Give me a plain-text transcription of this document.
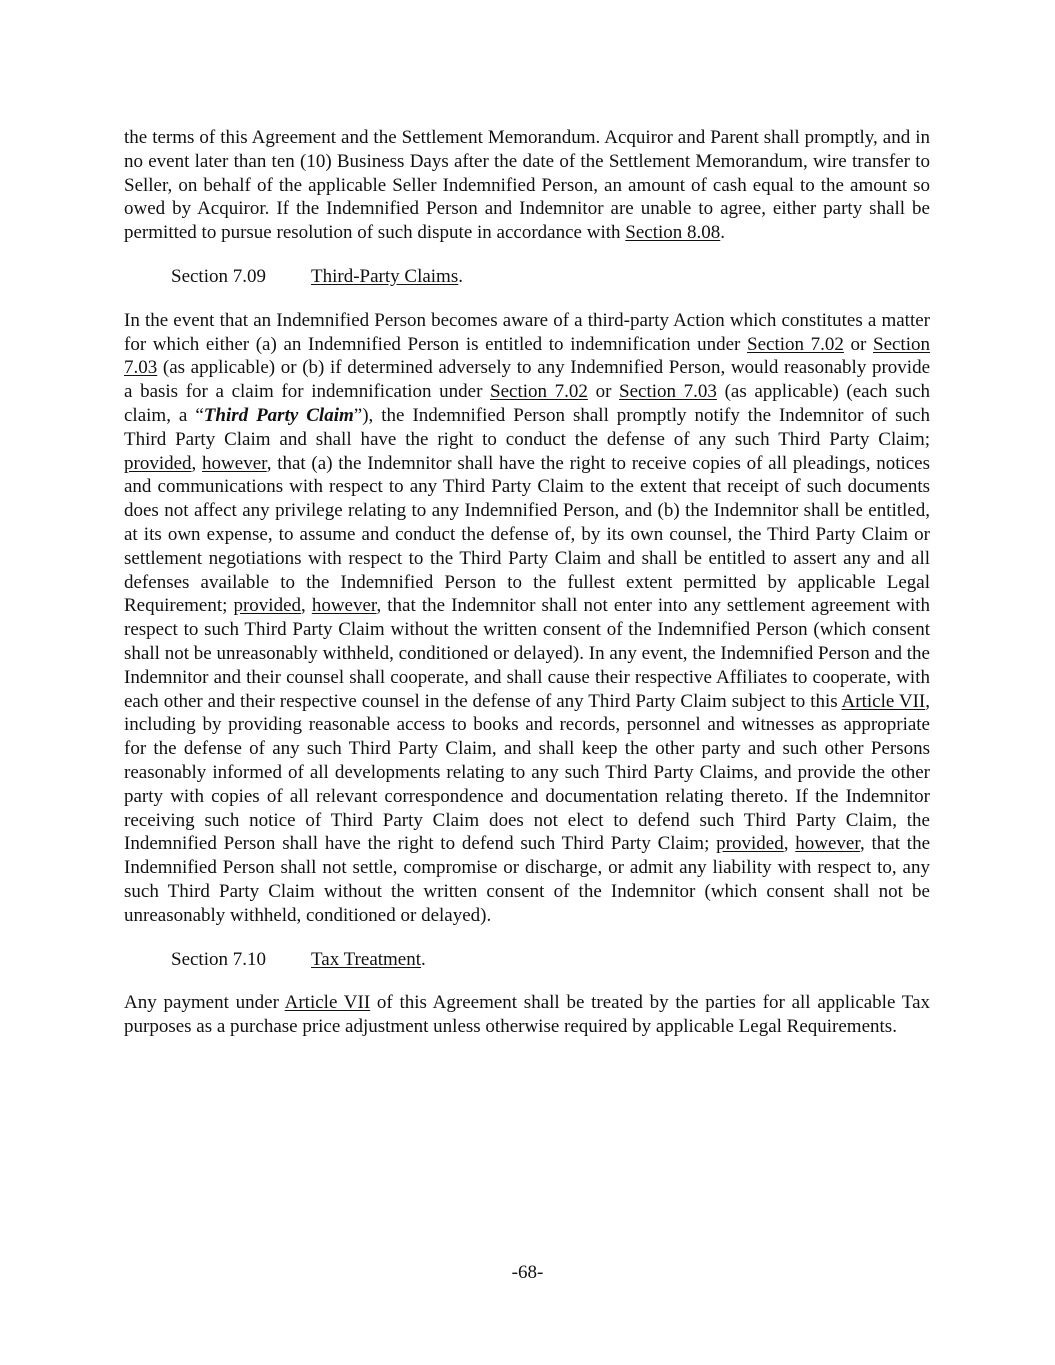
the terms of this Agreement and the Settlement Memorandum. Acquiror and Parent shall promptly, and in no event later than ten (10) Business Days after the date of the Settlement Memorandum, wire transfer to Seller, on behalf of the applicable Seller Indemnified Person, an amount of cash equal to the amount so owed by Acquiror. If the Indemnified Person and Indemnitor are unable to agree, either party shall be permitted to pursue resolution of such dispute in accordance with Section 8.08.

Section 7.09 Third-Party Claims.

In the event that an Indemnified Person becomes aware of a third-party Action which constitutes a matter for which either (a) an Indemnified Person is entitled to indemnification under Section 7.02 or Section 7.03 (as applicable) or (b) if determined adversely to any Indemnified Person, would reasonably provide a basis for a claim for indemnification under Section 7.02 or Section 7.03 (as applicable) (each such claim, a “Third Party Claim”), the Indemnified Person shall promptly notify the Indemnitor of such Third Party Claim and shall have the right to conduct the defense of any such Third Party Claim; provided, however, that (a) the Indemnitor shall have the right to receive copies of all pleadings, notices and communications with respect to any Third Party Claim to the extent that receipt of such documents does not affect any privilege relating to any Indemnified Person, and (b) the Indemnitor shall be entitled, at its own expense, to assume and conduct the defense of, by its own counsel, the Third Party Claim or settlement negotiations with respect to the Third Party Claim and shall be entitled to assert any and all defenses available to the Indemnified Person to the fullest extent permitted by applicable Legal Requirement; provided, however, that the Indemnitor shall not enter into any settlement agreement with respect to such Third Party Claim without the written consent of the Indemnified Person (which consent shall not be unreasonably withheld, conditioned or delayed). In any event, the Indemnified Person and the Indemnitor and their counsel shall cooperate, and shall cause their respective Affiliates to cooperate, with each other and their respective counsel in the defense of any Third Party Claim subject to this Article VII, including by providing reasonable access to books and records, personnel and witnesses as appropriate for the defense of any such Third Party Claim, and shall keep the other party and such other Persons reasonably informed of all developments relating to any such Third Party Claims, and provide the other party with copies of all relevant correspondence and documentation relating thereto. If the Indemnitor receiving such notice of Third Party Claim does not elect to defend such Third Party Claim, the Indemnified Person shall have the right to defend such Third Party Claim; provided, however, that the Indemnified Person shall not settle, compromise or discharge, or admit any liability with respect to, any such Third Party Claim without the written consent of the Indemnitor (which consent shall not be unreasonably withheld, conditioned or delayed).

Section 7.10 Tax Treatment.

Any payment under Article VII of this Agreement shall be treated by the parties for all applicable Tax purposes as a purchase price adjustment unless otherwise required by applicable Legal Requirements.

-68-
